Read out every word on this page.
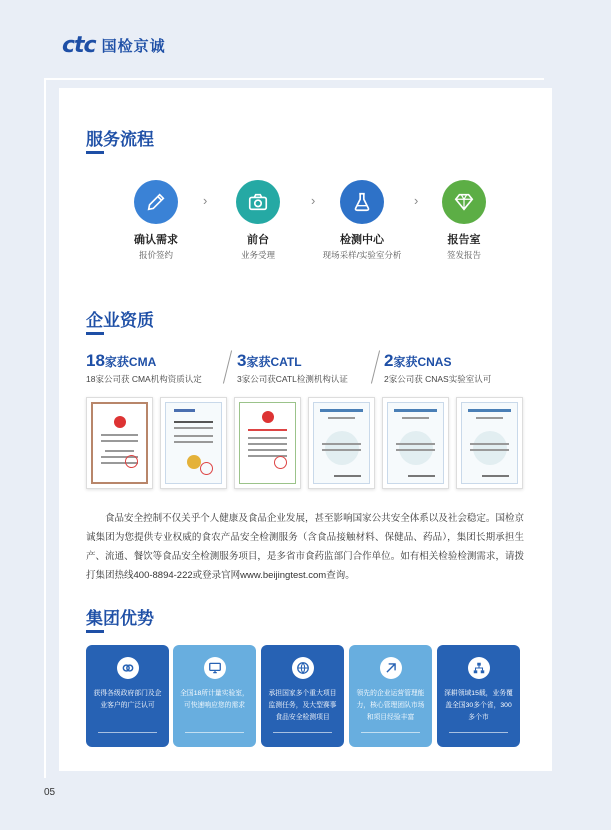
ctc 国检京诚
服务流程
确认需求
报价签约
›
前台
业务受理
›
检测中心
现场采样/实验室分析
›
报告室
签发报告
企业资质
18家获CMA
18家公司获 CMA机构资质认定
3家获CATL
3家公司获CATL检测机构认证
2家获CNAS
2家公司获 CNAS实验室认可

食品安全控制不仅关乎个人健康及食品企业发展，甚至影响国家公共安全体系以及社会稳定。国检京诚集团为您提供专业权威的食农产品安全检测服务（含食品接触材料、保健品、药品），集团长期承担生产、流通、餐饮等食品安全检测服务项目，是多省市食药监部门合作单位。如有相关检验检测需求，请拨打集团热线400-8894-222或登录官网www.beijingtest.com查询。

集团优势
获得各级政府部门及企业客户的广泛认可
全国18所计量实验室，可快速响应您的需求
承担国家多个重大项目监测任务，及大型赛事食品安全检测项目
领先的企业运营管理能力，核心管理团队市场和项目经验丰富
深耕领域15载，业务覆盖全国30多个省，300多个市
05
